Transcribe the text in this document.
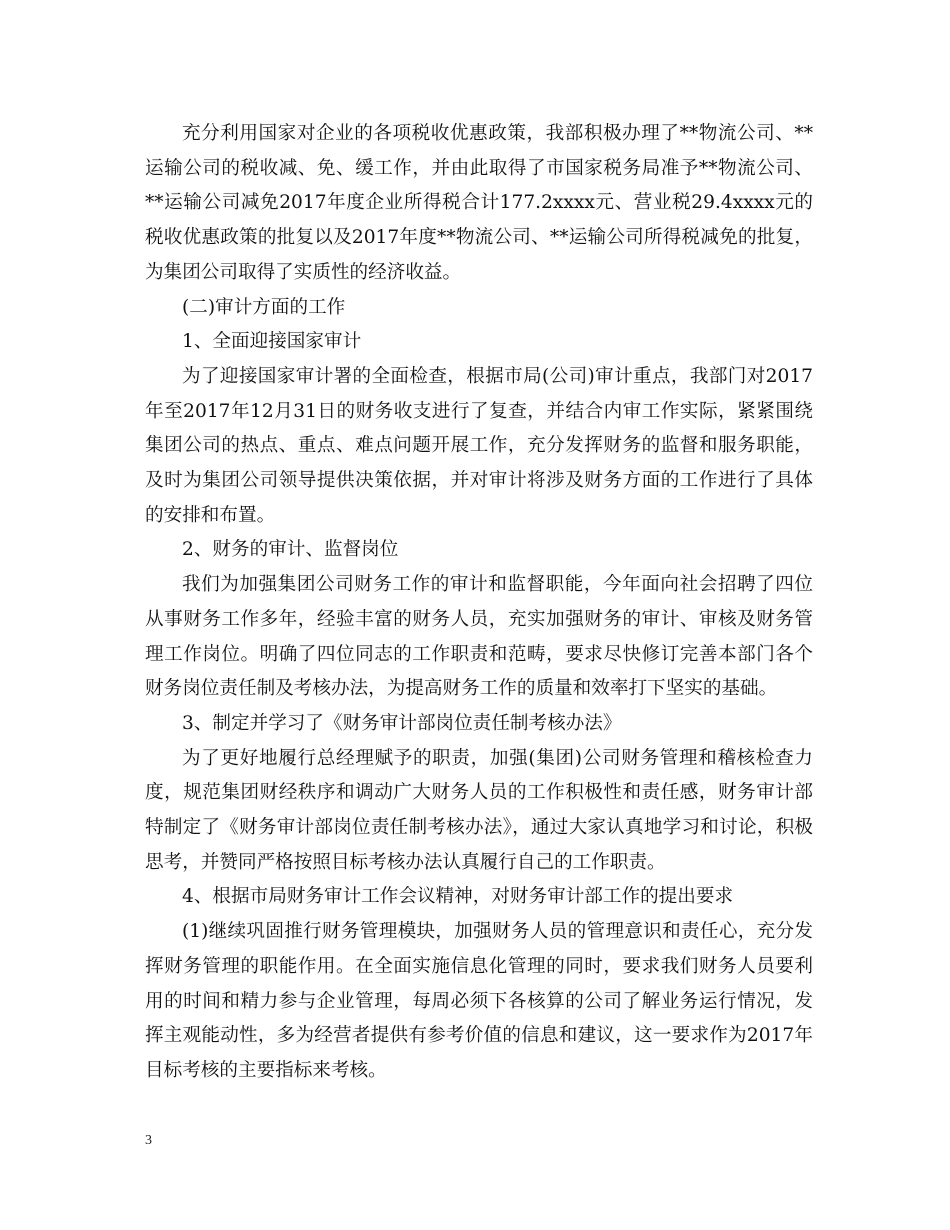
充分利用国家对企业的各项税收优惠政策，我部积极办理了**物流公司、**运输公司的税收减、免、缓工作，并由此取得了市国家税务局准予**物流公司、**运输公司减免2017年度企业所得税合计177.2xxxx元、营业税29.4xxxx元的税收优惠政策的批复以及2017年度**物流公司、**运输公司所得税减免的批复，为集团公司取得了实质性的经济收益。

(二)审计方面的工作

1、全面迎接国家审计

为了迎接国家审计署的全面检查，根据市局(公司)审计重点，我部门对2017年至2017年12月31日的财务收支进行了复查，并结合内审工作实际，紧紧围绕集团公司的热点、重点、难点问题开展工作，充分发挥财务的监督和服务职能，及时为集团公司领导提供决策依据，并对审计将涉及财务方面的工作进行了具体的安排和布置。

2、财务的审计、监督岗位

我们为加强集团公司财务工作的审计和监督职能，今年面向社会招聘了四位从事财务工作多年，经验丰富的财务人员，充实加强财务的审计、审核及财务管理工作岗位。明确了四位同志的工作职责和范畴，要求尽快修订完善本部门各个财务岗位责任制及考核办法，为提高财务工作的质量和效率打下坚实的基础。

3、制定并学习了《财务审计部岗位责任制考核办法》

为了更好地履行总经理赋予的职责，加强(集团)公司财务管理和稽核检查力度，规范集团财经秩序和调动广大财务人员的工作积极性和责任感，财务审计部特制定了《财务审计部岗位责任制考核办法》，通过大家认真地学习和讨论，积极思考，并赞同严格按照目标考核办法认真履行自己的工作职责。

4、根据市局财务审计工作会议精神，对财务审计部工作的提出要求

(1)继续巩固推行财务管理模块，加强财务人员的管理意识和责任心，充分发挥财务管理的职能作用。在全面实施信息化管理的同时，要求我们财务人员要利用的时间和精力参与企业管理，每周必须下各核算的公司了解业务运行情况，发挥主观能动性，多为经营者提供有参考价值的信息和建议，这一要求作为2017年目标考核的主要指标来考核。

3
